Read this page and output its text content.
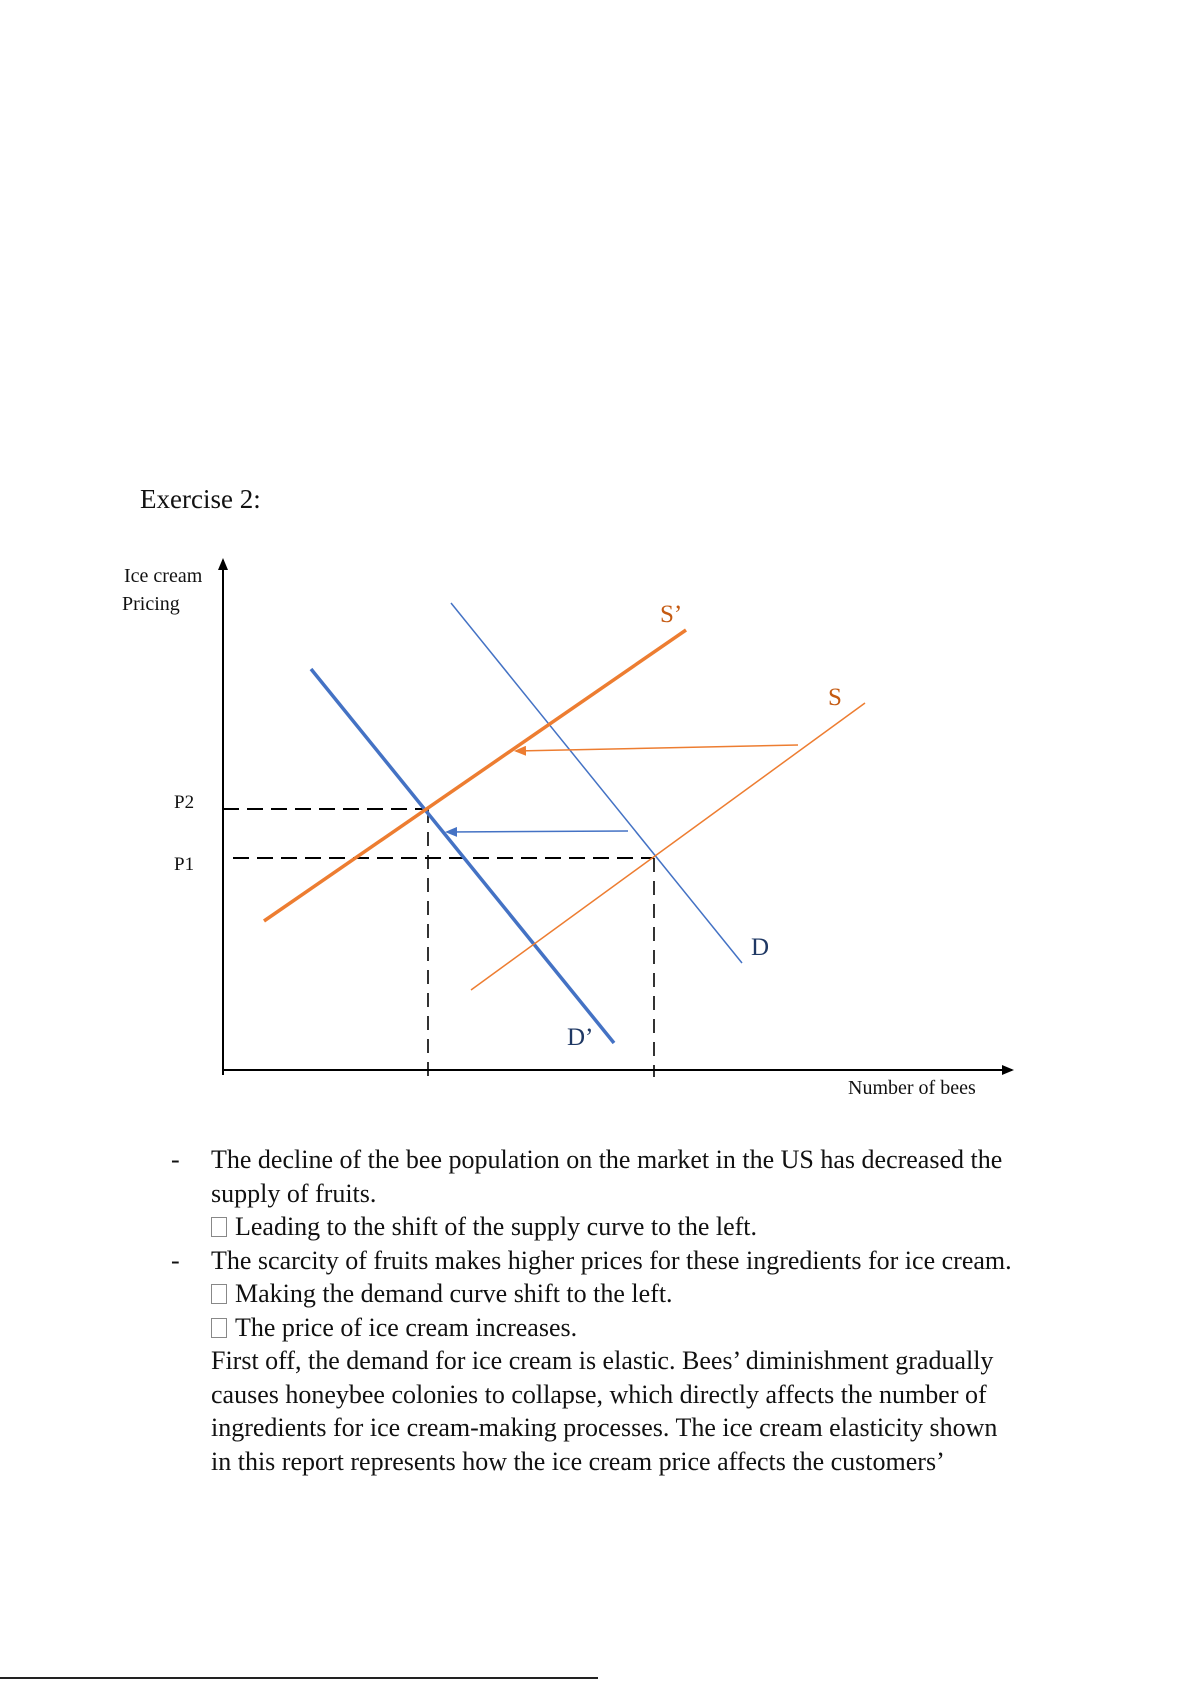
Exercise 2:
Ice cream
Pricing	S’
S
D
D’
P2
P1
Number of bees
- The decline of the bee population on the market in the US has decreased the
supply of fruits.
Leading to the shift of the supply curve to the left.
- The scarcity of fruits makes higher prices for these ingredients for ice cream.
Making the demand curve shift to the left.
The price of ice cream increases.
First off, the demand for ice cream is elastic. Bees’ diminishment gradually
causes honeybee colonies to collapse, which directly affects the number of
ingredients for ice cream-making processes. The ice cream elasticity shown
in this report represents how the ice cream price affects the customers’
